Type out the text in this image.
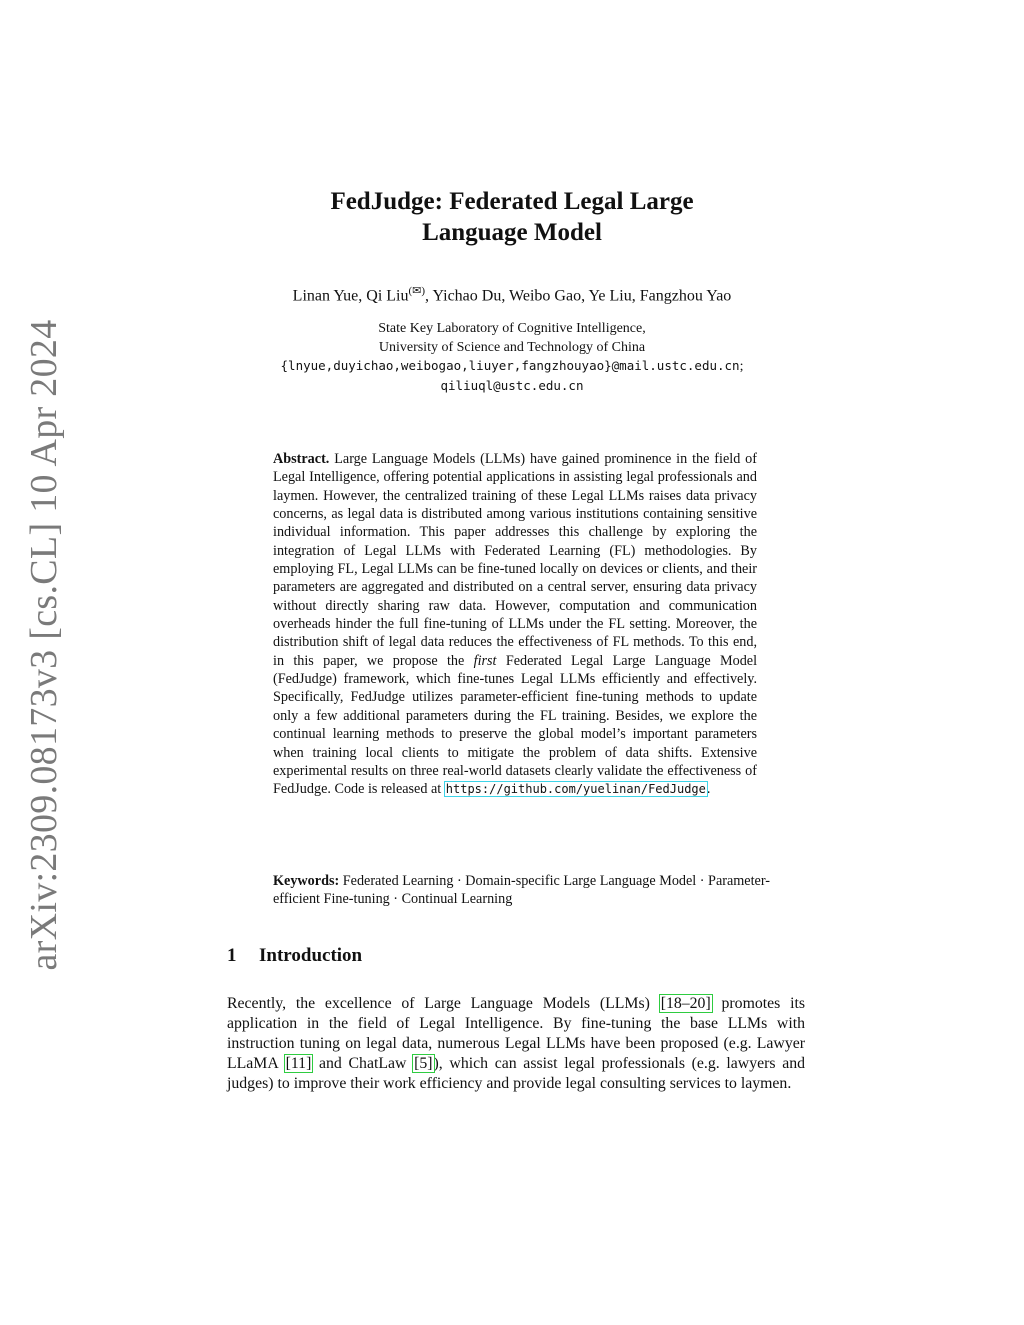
arXiv:2309.08173v3 [cs.CL] 10 Apr 2024
FedJudge: Federated Legal Large
Language Model
Linan Yue, Qi Liu(✉), Yichao Du, Weibo Gao, Ye Liu, Fangzhou Yao
State Key Laboratory of Cognitive Intelligence,
University of Science and Technology of China
{lnyue,duyichao,weibogao,liuyer,fangzhouyao}@mail.ustc.edu.cn;
qiliuql@ustc.edu.cn
Abstract. Large Language Models (LLMs) have gained prominence in the field of Legal Intelligence, offering potential applications in assisting legal professionals and laymen. However, the centralized training of these Legal LLMs raises data privacy concerns, as legal data is distributed among various institutions containing sensitive individual information. This paper addresses this challenge by exploring the integration of Legal LLMs with Federated Learning (FL) methodologies. By employing FL, Legal LLMs can be fine-tuned locally on devices or clients, and their parameters are aggregated and distributed on a central server, ensuring data privacy without directly sharing raw data. However, computation and communication overheads hinder the full fine-tuning of LLMs under the FL setting. Moreover, the distribution shift of legal data reduces the effectiveness of FL methods. To this end, in this paper, we propose the first Federated Legal Large Language Model (FedJudge) framework, which fine-tunes Legal LLMs efficiently and effectively. Specifically, FedJudge utilizes parameter-efficient fine-tuning methods to update only a few additional parameters during the FL training. Besides, we explore the continual learning methods to preserve the global model’s important parameters when training local clients to mitigate the problem of data shifts. Extensive experimental results on three real-world datasets clearly validate the effectiveness of FedJudge. Code is released at https://github.com/yuelinan/FedJudge.
Keywords: Federated Learning · Domain-specific Large Language Model · Parameter-efficient Fine-tuning · Continual Learning
1 Introduction
Recently, the excellence of Large Language Models (LLMs) [18–20] promotes its application in the field of Legal Intelligence. By fine-tuning the base LLMs with instruction tuning on legal data, numerous Legal LLMs have been proposed (e.g. Lawyer LLaMA [11] and ChatLaw [5]), which can assist legal professionals (e.g. lawyers and judges) to improve their work efficiency and provide legal consulting services to laymen.
